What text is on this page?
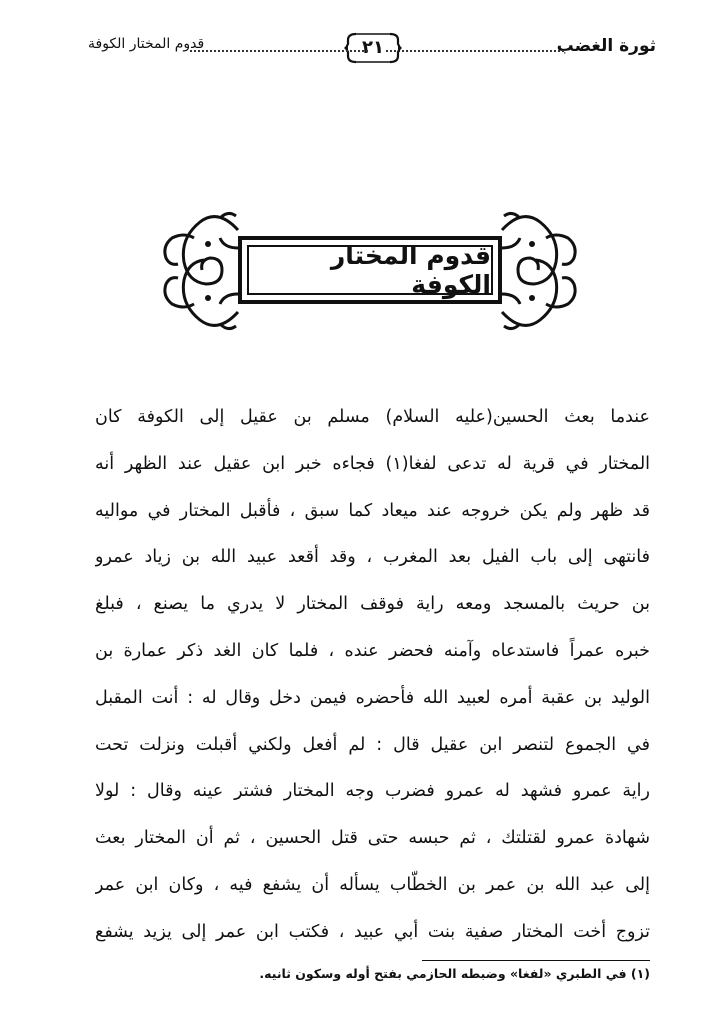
ثورة الغضب
٢١
قدوم المختار الكوفة
قدوم المختار الكوفة
عندما بعث الحسين(عليه السلام) مسلم بن عقيل إلى الكوفة كان
المختار في قرية له تدعى لفغا(١) فجاءه خبر ابن عقيل عند الظهر أنه
قد ظهر ولم يكن خروجه عند ميعاد كما سبق ، فأقبل المختار في مواليه
فانتهى إلى باب الفيل بعد المغرب ، وقد أقعد عبيد الله بن زياد عمرو
بن حريث بالمسجد ومعه راية فوقف المختار لا يدري ما يصنع ، فبلغ
خبره عمراً فاستدعاه وآمنه فحضر عنده ، فلما كان الغد ذكر عمارة بن
الوليد بن عقبة أمره لعبيد الله فأحضره فيمن دخل وقال له : أنت المقبل
في الجموع لتنصر ابن عقيل قال : لم أفعل ولكني أقبلت ونزلت تحت
راية عمرو فشهد له عمرو فضرب وجه المختار فشتر عينه وقال : لولا
شهادة عمرو لقتلتك ، ثم حبسه حتى قتل الحسين ، ثم أن المختار بعث
إلى عبد الله بن عمر بن الخطّاب يسأله أن يشفع فيه ، وكان ابن عمر
تزوج أخت المختار صفية بنت أبي عبيد ، فكتب ابن عمر إلى يزيد يشفع
(١) في الطبري «لفغا» وضبطه الحازمي بفتح أوله وسكون ثانيه.
